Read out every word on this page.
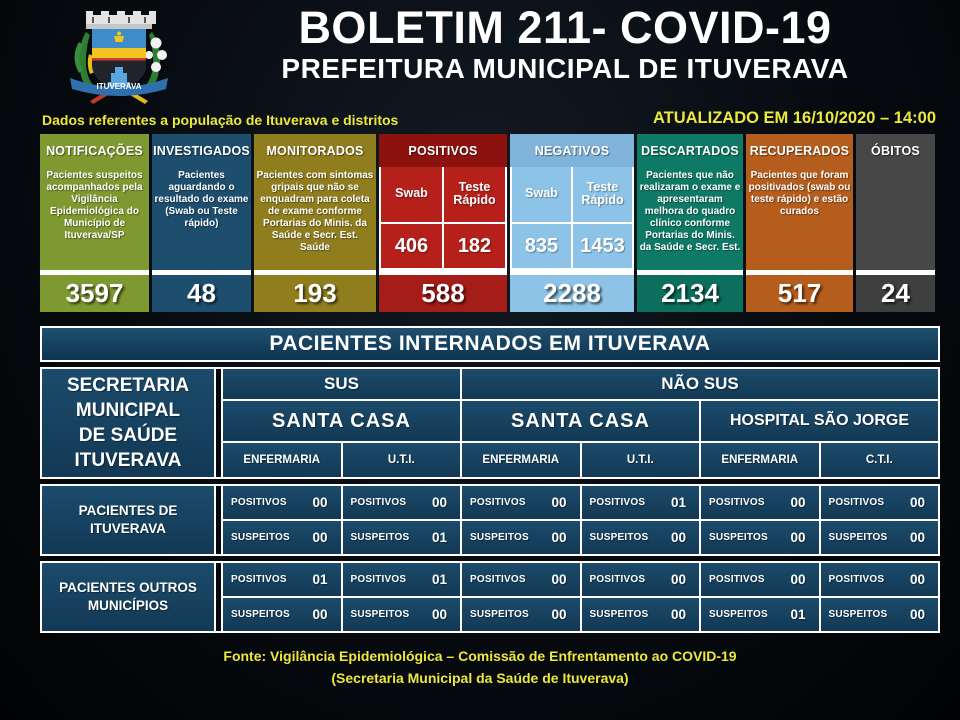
ITUVERAVA
BOLETIM 211- COVID-19
PREFEITURA MUNICIPAL DE ITUVERAVA
Dados referentes a população de Ituverava e distritos	ATUALIZADO EM 16/10/2020 – 14:00
NOTIFICAÇÕES
Pacientes suspeitos acompanhados pela Vigilância Epidemiológica do Município de Ituverava/SP
3597
INVESTIGADOS
Pacientes aguardando o resultado do exame (Swab ou Teste rápido)
48
MONITORADOS
Pacientes com sintomas gripais que não se enquadram para coleta de exame conforme Portarias do Minis. da Saúde e Secr. Est. Saúde
193
POSITIVOS
Swab	Teste Rápido
406	182
588
NEGATIVOS
Swab	Teste Rápido
835	1453
2288
DESCARTADOS
Pacientes que não realizaram o exame e apresentaram melhora do quadro clínico conforme Portarias do Minis. da Saúde e Secr. Est.
2134
RECUPERADOS
Pacientes que foram positivados (swab ou teste rápido) e estão curados
517
ÓBITOS
24
PACIENTES INTERNADOS EM ITUVERAVA
SECRETARIA
MUNICIPAL
DE SAÚDE
ITUVERAVA
SUS	NÃO SUS
SANTA CASA	SANTA CASA	HOSPITAL SÃO JORGE
ENFERMARIA	U.T.I.	ENFERMARIA	U.T.I.	ENFERMARIA	C.T.I.
PACIENTES DE ITUVERAVA
POSITIVOS 00 POSITIVOS 00 POSITIVOS 00 POSITIVOS 01 POSITIVOS 00 POSITIVOS 00
SUSPEITOS 00 SUSPEITOS 01 SUSPEITOS 00 SUSPEITOS 00 SUSPEITOS 00 SUSPEITOS 00
PACIENTES OUTROS MUNICÍPIOS
POSITIVOS 01 POSITIVOS 01 POSITIVOS 00 POSITIVOS 00 POSITIVOS 00 POSITIVOS 00
SUSPEITOS 00 SUSPEITOS 00 SUSPEITOS 00 SUSPEITOS 00 SUSPEITOS 01 SUSPEITOS 00
Fonte: Vigilância Epidemiológica – Comissão de Enfrentamento ao COVID-19
(Secretaria Municipal da Saúde de Ituverava)
